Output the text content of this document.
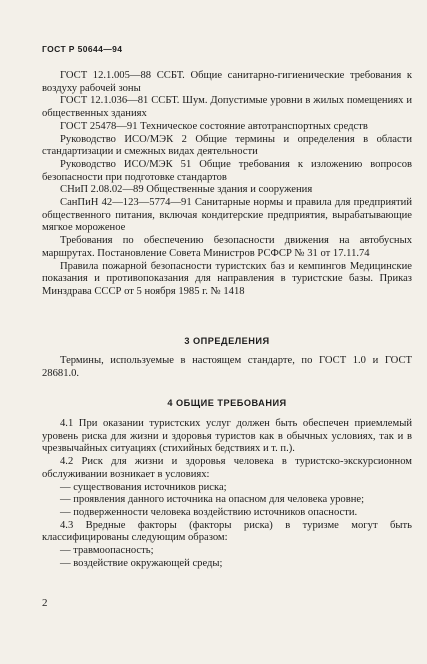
ГОСТ Р 50644—94

ГОСТ 12.1.005—88 ССБТ. Общие санитарно-гигиенические требования к воздуху рабочей зоны

ГОСТ 12.1.036—81 ССБТ. Шум. Допустимые уровни в жилых помещениях и общественных зданиях

ГОСТ 25478—91 Техническое состояние автотранспортных средств

Руководство ИСО/МЭК 2 Общие термины и определения в области стандартизации и смежных видах деятельности

Руководство ИСО/МЭК 51 Общие требования к изложению вопросов безопасности при подготовке стандартов

СНиП 2.08.02—89 Общественные здания и сооружения

СанПиН 42—123—5774—91 Санитарные нормы и правила для предприятий общественного питания, включая кондитерские предприятия, вырабатывающие мягкое мороженое

Требования по обеспечению безопасности движения на автобусных маршрутах. Постановление Совета Министров РСФСР № 31 от 17.11.74

Правила пожарной безопасности туристских баз и кемпингов Медицинские показания и противопоказания для направления в туристские базы. Приказ Минздрава СССР от 5 ноября 1985 г. № 1418

3 ОПРЕДЕЛЕНИЯ

Термины, используемые в настоящем стандарте, по ГОСТ 1.0 и ГОСТ 28681.0.

4 ОБЩИЕ ТРЕБОВАНИЯ

4.1 При оказании туристских услуг должен быть обеспечен приемлемый уровень риска для жизни и здоровья туристов как в обычных условиях, так и в чрезвычайных ситуациях (стихийных бедствиях и т. п.).

4.2 Риск для жизни и здоровья человека в туристско-экскурсионном обслуживании возникает в условиях:

— существования источников риска;

— проявления данного источника на опасном для человека уровне;

— подверженности человека воздействию источников опасности.

4.3 Вредные факторы (факторы риска) в туризме могут быть классифицированы следующим образом:

— травмоопасность;

— воздействие окружающей среды;

2
